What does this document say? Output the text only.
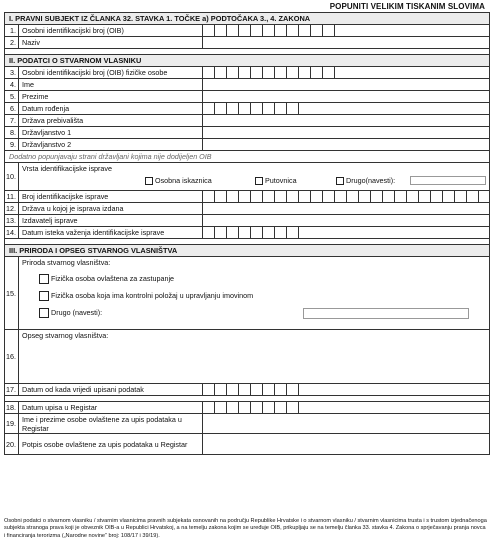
POPUNITI VELIKIM TISKANIM SLOVIMA
I. PRAVNI SUBJEKT IZ ČLANKA 32. STAVKA 1. TOČKE a) PODTOČAKA 3., 4. ZAKONA
1. Osobni identifikacijski broj (OIB)
2. Naziv
II. PODATCI O STVARNOM VLASNIKU
3. Osobni identifikacijski broj (OIB) fizičke osobe
4. Ime
5. Prezime
6. Datum rođenja
7. Država prebivališta
8. Državljanstvo 1
9. Državljanstvo 2
Dodatno popunjavaju strani državljani kojima nije dodijeljen OIB
10.
Vrsta identifikacijske isprave
Osobna iskaznica	Putovnica	Drugo(navesti):
11. Broj identifikacijske isprave
12. Država u kojoj je isprava izdana
13. Izdavatelj isprave
14. Datum isteka važenja identifikacijske isprave
III. PRIRODA I OPSEG STVARNOG VLASNIŠTVA
15.
Priroda stvarnog vlasništva:
Fizička osoba ovlaštena za zastupanje
Fizička osoba koja ima kontrolni položaj u upravljanju imovinom
Drugo (navesti):
16.
Opseg stvarnog vlasništva:
17. Datum od kada vrijedi upisani podatak
18. Datum upisa u Registar
19. Ime i prezime osobe ovlaštene za upis podataka u Registar
20. Potpis osobe ovlaštene za upis podataka u Registar
Osobni podatci o stvarnom vlasniku / stvarnim vlasnicima pravnih subjekata osnovanih na području Republike Hrvatske i o stvarnom vlasniku / stvarnim vlasnicima trusta i s trustom izjednačenoga subjekta stranoga prava koji je obveznik OIB-a u Republici Hrvatskoj, a na temelju zakona kojim se uređuje OIB, prikupljaju se na temelju članka 33. stavka 4. Zakona o sprječavanju pranja novca i financiranja terorizma („Narodne novine“ broj: 108/17 i 39/19).
